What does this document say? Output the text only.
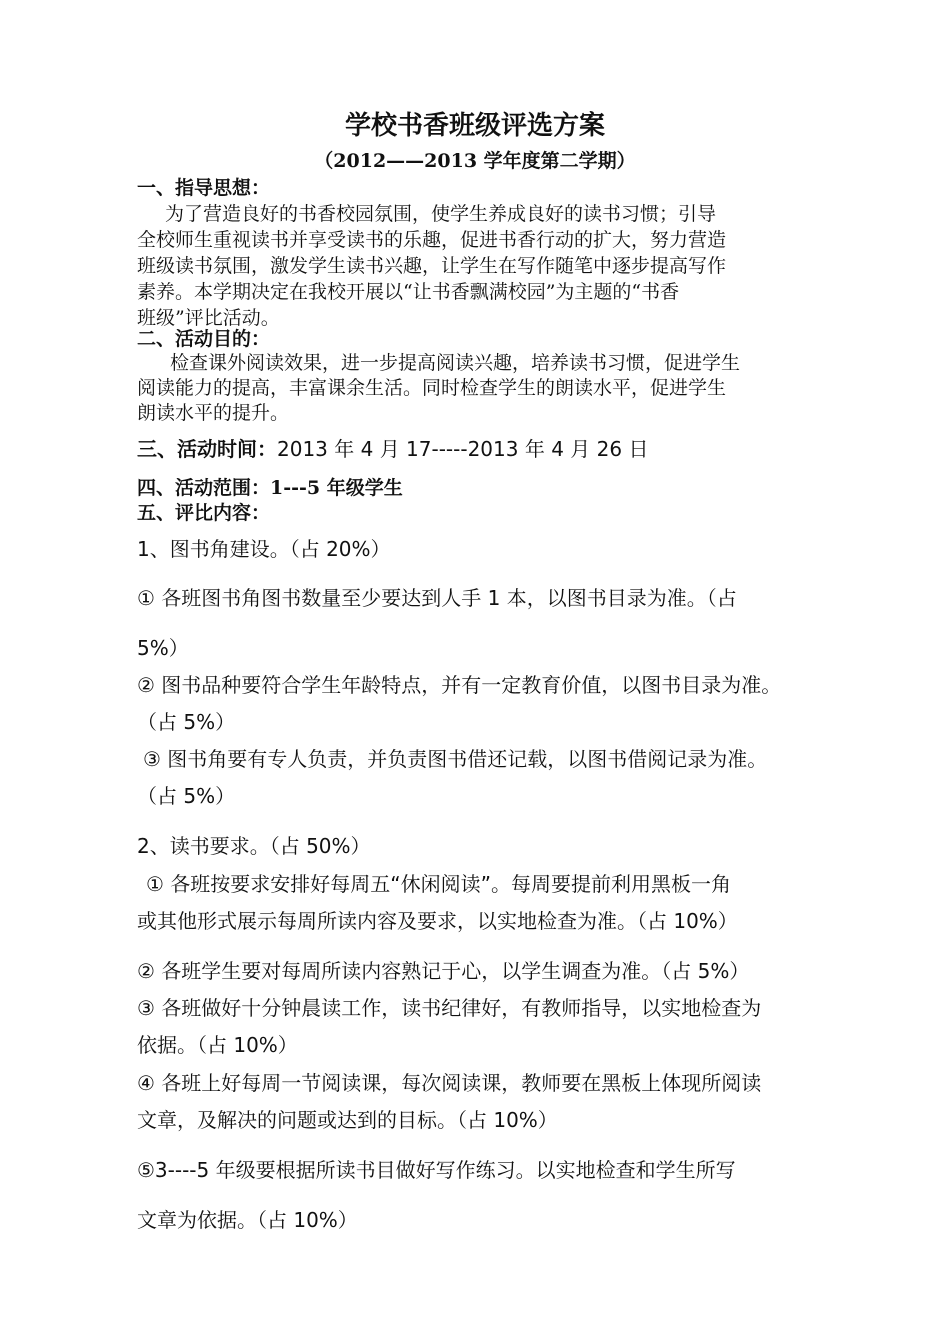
学校书香班级评选方案
（2012——2013 学年度第二学期）
一、指导思想：
为了营造良好的书香校园氛围，使学生养成良好的读书习惯；引导
全校师生重视读书并享受读书的乐趣，促进书香行动的扩大，努力营造
班级读书氛围，激发学生读书兴趣，让学生在写作随笔中逐步提高写作
素养。本学期决定在我校开展以“让书香飘满校园”为主题的“书香
班级”评比活动。
二、活动目的：
检查课外阅读效果，进一步提高阅读兴趣，培养读书习惯，促进学生
阅读能力的提高，丰富课余生活。同时检查学生的朗读水平，促进学生
朗读水平的提升。
三、活动时间：2013 年 4 月 17-----2013 年 4 月 26 日
四、活动范围：1---5 年级学生
五、评比内容：
1、图书角建设。（占 20%）
① 各班图书角图书数量至少要达到人手 1 本，以图书目录为准。（占
5%）
② 图书品种要符合学生年龄特点，并有一定教育价值，以图书目录为准。
（占 5%）
③ 图书角要有专人负责，并负责图书借还记载，以图书借阅记录为准。
（占 5%）
2、读书要求。（占 50%）
① 各班按要求安排好每周五“休闲阅读”。每周要提前利用黑板一角
或其他形式展示每周所读内容及要求，以实地检查为准。（占 10%）
② 各班学生要对每周所读内容熟记于心，以学生调查为准。（占 5%）
③ 各班做好十分钟晨读工作，读书纪律好，有教师指导，以实地检查为
依据。（占 10%）
④ 各班上好每周一节阅读课，每次阅读课，教师要在黑板上体现所阅读
文章，及解决的问题或达到的目标。（占 10%）
⑤3----5 年级要根据所读书目做好写作练习。以实地检查和学生所写
文章为依据。（占 10%）
